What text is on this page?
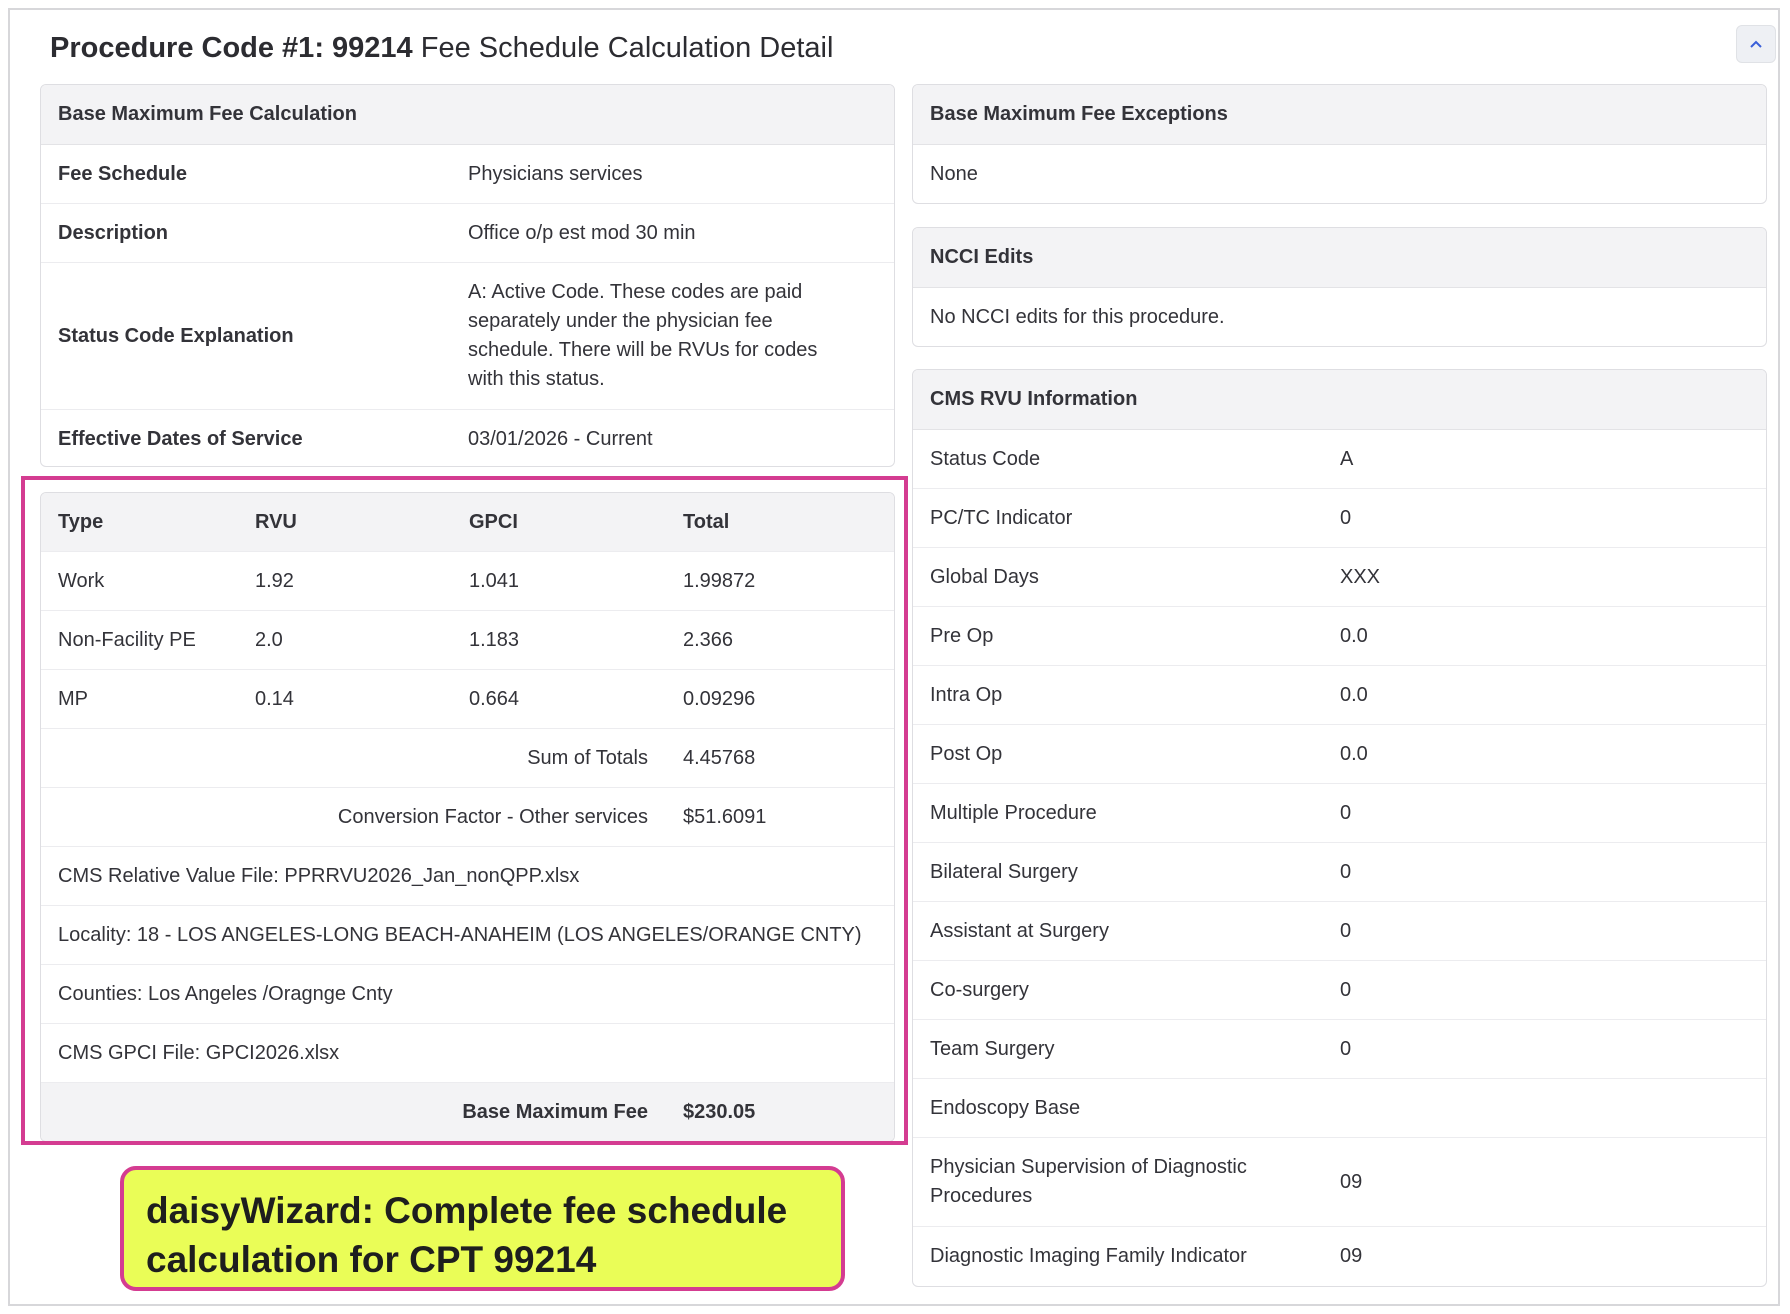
Procedure Code #1: 99214 Fee Schedule Calculation Detail
Base Maximum Fee Calculation
Fee Schedule	Physicians services
Description	Office o/p est mod 30 min
Status Code Explanation
A: Active Code. These codes are paid separately under the physician fee schedule. There will be RVUs for codes with this status.
Effective Dates of Service	03/01/2026 - Current
Type	RVU	GPCI	Total
Work	1.92	1.041	1.99872
Non-Facility PE	2.0	1.183	2.366
MP	0.14	0.664	0.09296
Sum of Totals	4.45768
Conversion Factor - Other services	$51.6091
CMS Relative Value File: PPRRVU2026_Jan_nonQPP.xlsx
Locality: 18 - LOS ANGELES-LONG BEACH-ANAHEIM (LOS ANGELES/ORANGE CNTY)
Counties: Los Angeles /Oragnge Cnty
CMS GPCI File: GPCI2026.xlsx
Base Maximum Fee	$230.05
Base Maximum Fee Exceptions
None
NCCI Edits
No NCCI edits for this procedure.
CMS RVU Information
Status Code	A
PC/TC Indicator	0
Global Days	XXX
Pre Op	0.0
Intra Op	0.0
Post Op	0.0
Multiple Procedure	0
Bilateral Surgery	0
Assistant at Surgery	0
Co-surgery	0
Team Surgery	0
Endoscopy Base
Physician Supervision of Diagnostic Procedures
09
Diagnostic Imaging Family Indicator	09
daisyWizard: Complete fee schedule calculation for CPT 99214
